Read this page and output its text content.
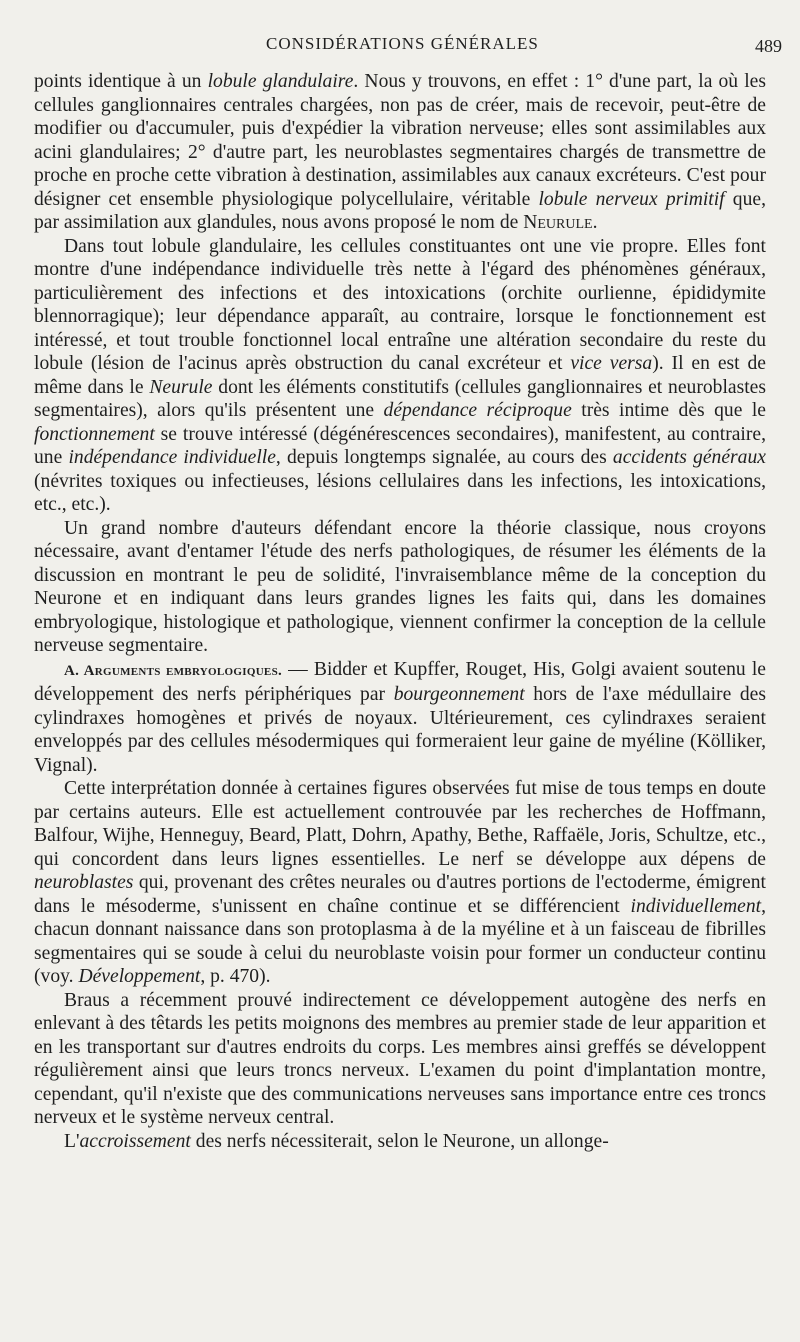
CONSIDÉRATIONS GÉNÉRALES	489

points identique à un lobule glandulaire. Nous y trouvons, en effet : 1° d'une part, la où les cellules ganglionnaires centrales chargées, non pas de créer, mais de recevoir, peut-être de modifier ou d'accumuler, puis d'expédier la vibration nerveuse; elles sont assimilables aux acini glandulaires; 2° d'autre part, les neuroblastes segmentaires chargés de transmettre de proche en proche cette vibration à destination, assimilables aux canaux excréteurs. C'est pour désigner cet ensemble physiologique polycellulaire, véritable lobule nerveux primitif que, par assimilation aux glandules, nous avons proposé le nom de Neurule.

Dans tout lobule glandulaire, les cellules constituantes ont une vie propre. Elles font montre d'une indépendance individuelle très nette à l'égard des phénomènes généraux, particulièrement des infections et des intoxications (orchite ourlienne, épididymite blennorragique); leur dépendance apparaît, au contraire, lorsque le fonctionnement est intéressé, et tout trouble fonctionnel local entraîne une altération secondaire du reste du lobule (lésion de l'acinus après obstruction du canal excréteur et vice versa). Il en est de même dans le Neurule dont les éléments constitutifs (cellules ganglionnaires et neuroblastes segmentaires), alors qu'ils présentent une dépendance réciproque très intime dès que le fonctionnement se trouve intéressé (dégénérescences secondaires), manifestent, au contraire, une indépendance individuelle, depuis longtemps signalée, au cours des accidents généraux (névrites toxiques ou infectieuses, lésions cellulaires dans les infections, les intoxications, etc., etc.).

Un grand nombre d'auteurs défendant encore la théorie classique, nous croyons nécessaire, avant d'entamer l'étude des nerfs pathologiques, de résumer les éléments de la discussion en montrant le peu de solidité, l'invraisemblance même de la conception du Neurone et en indiquant dans leurs grandes lignes les faits qui, dans les domaines embryologique, histologique et pathologique, viennent confirmer la conception de la cellule nerveuse segmentaire.

A. Arguments embryologiques. — Bidder et Kupffer, Rouget, His, Golgi avaient soutenu le développement des nerfs périphériques par bourgeonnement hors de l'axe médullaire des cylindraxes homogènes et privés de noyaux. Ultérieurement, ces cylindraxes seraient enveloppés par des cellules mésodermiques qui formeraient leur gaine de myéline (Kölliker, Vignal).

Cette interprétation donnée à certaines figures observées fut mise de tous temps en doute par certains auteurs. Elle est actuellement controuvée par les recherches de Hoffmann, Balfour, Wijhe, Henneguy, Beard, Platt, Dohrn, Apathy, Bethe, Raffaële, Joris, Schultze, etc., qui concordent dans leurs lignes essentielles. Le nerf se développe aux dépens de neuroblastes qui, provenant des crêtes neurales ou d'autres portions de l'ectoderme, émigrent dans le mésoderme, s'unissent en chaîne continue et se différencient individuellement, chacun donnant naissance dans son protoplasma à de la myéline et à un faisceau de fibrilles segmentaires qui se soude à celui du neuroblaste voisin pour former un conducteur continu (voy. Développement, p. 470).

Braus a récemment prouvé indirectement ce développement autogène des nerfs en enlevant à des têtards les petits moignons des membres au premier stade de leur apparition et en les transportant sur d'autres endroits du corps. Les membres ainsi greffés se développent régulièrement ainsi que leurs troncs nerveux. L'examen du point d'implantation montre, cependant, qu'il n'existe que des communications nerveuses sans importance entre ces troncs nerveux et le système nerveux central.

L'accroissement des nerfs nécessiterait, selon le Neurone, un allonge-
